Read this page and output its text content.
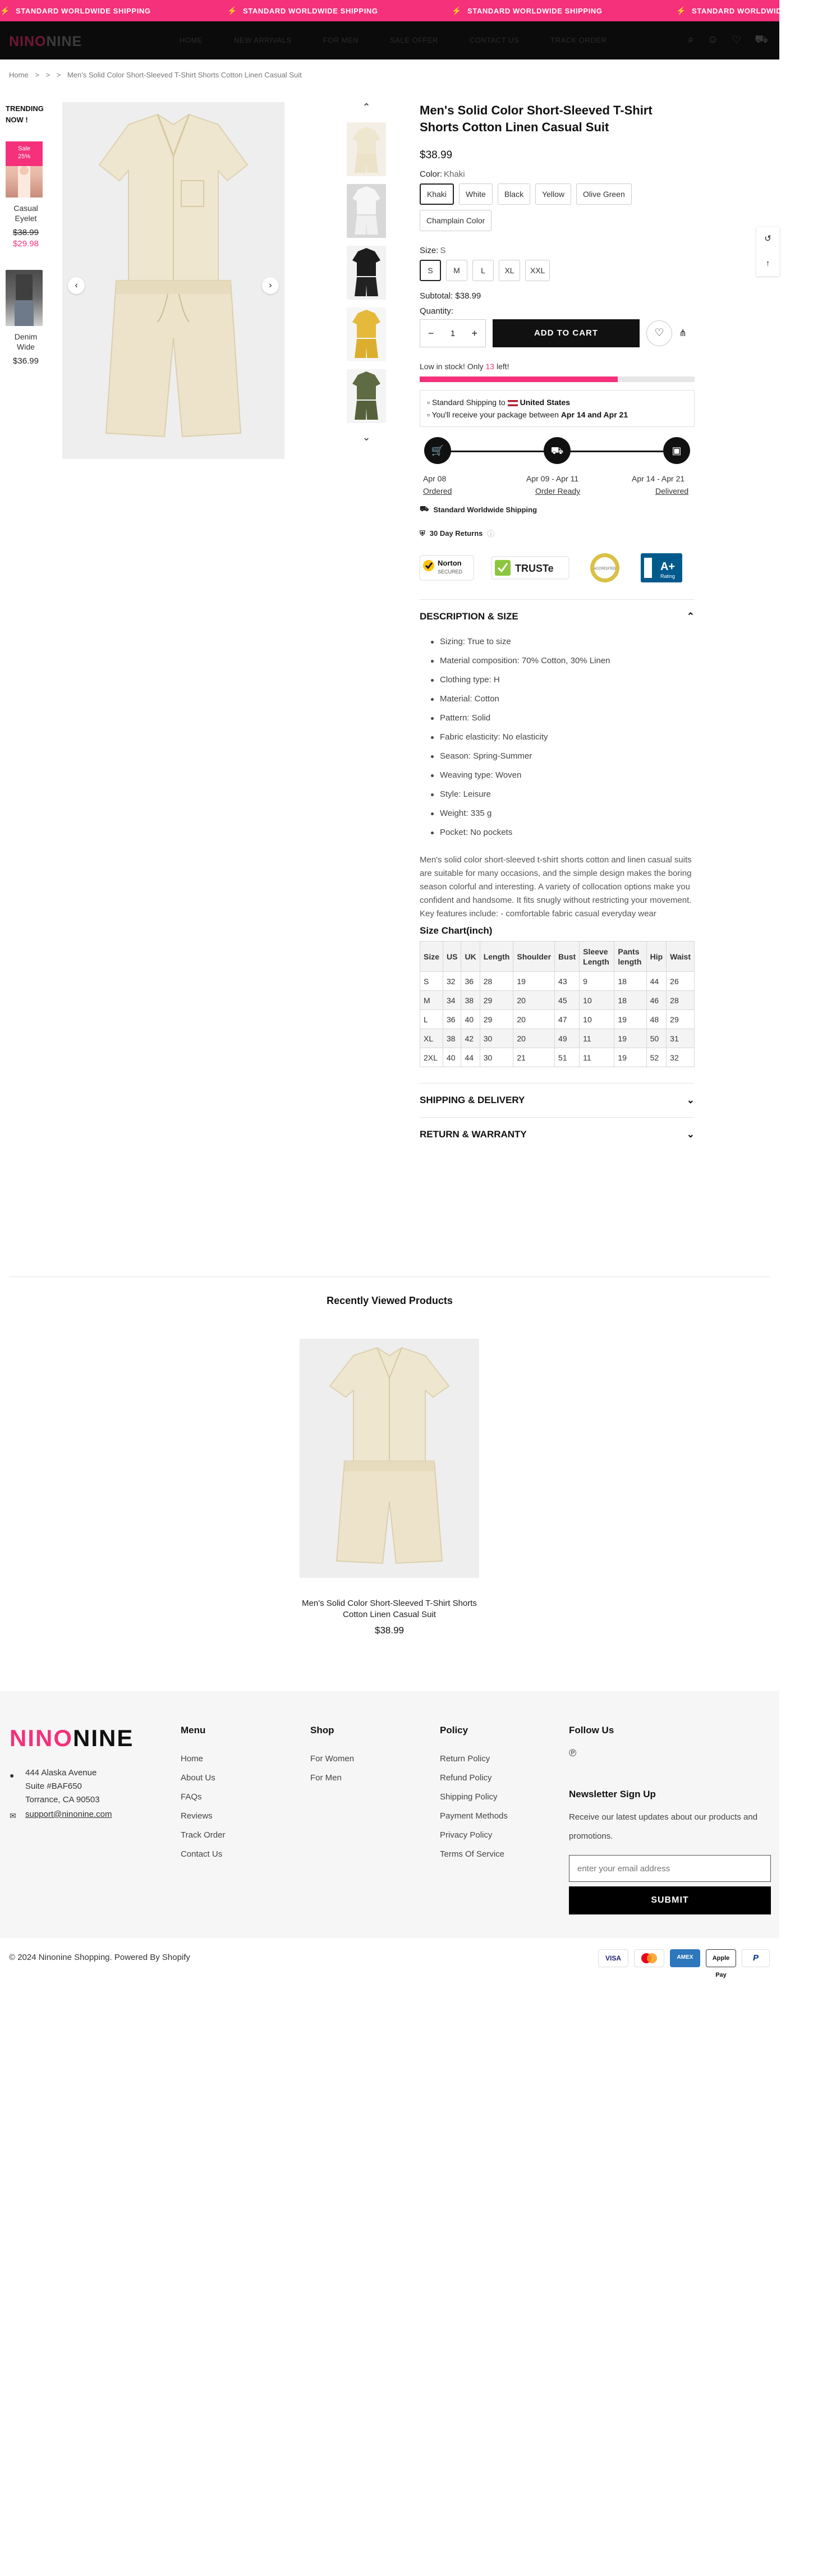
⚡ STANDARD WORLDWIDE SHIPPING	⚡ STANDARD WORLDWIDE SHIPPING	⚡ STANDARD WORLDWIDE SHIPPING	⚡ STANDARD WORLDWIDE SHIPPING
NINONINE	HOME	NEW ARRIVALS	FOR MEN	SALE OFFER	CONTACT US	TRACK ORDER	⌕ ☺ ♡ ⛟
Home > > > Men's Solid Color Short-Sleeved T-Shirt Shorts Cotton Linen Casual Suit
TRENDING NOW !
Sale
25%
Casual Eyelet
$38.99
$29.98
Denim Wide
$36.99
‹	›
⌃
⌄
Men's Solid Color Short-Sleeved T-Shirt Shorts Cotton Linen Casual Suit
$38.99
Color: Khaki
Khaki	White	Black	Yellow	Olive Green
Champlain Color
Size: S
S	M	L	XL	XXL
Subtotal: $38.99
Quantity:
− 1 +	ADD TO CART	♡	⋔
Low in stock! Only 13 left!
▫ Standard Shipping to United States
▫ You'll receive your package between Apr 14 and Apr 21
🛒	⛟	▣
Apr 08	Apr 09 - Apr 11	Apr 14 - Apr 21
Ordered	Order Ready	Delivered
⛟ Standard Worldwide Shipping
⛨ 30 Day Returns ⓘ
Norton
SECURED	TRUSTe	ACCREDITED	A+
Rating
DESCRIPTION & SIZE	⌃
Sizing: True to size
Material composition: 70% Cotton, 30% Linen
Clothing type: H
Material: Cotton
Pattern: Solid
Fabric elasticity: No elasticity
Season: Spring-Summer
Weaving type: Woven
Style: Leisure
Weight: 335 g
Pocket: No pockets
Men's solid color short-sleeved t-shirt shorts cotton and linen casual suits are suitable for many occasions, and the simple design makes the boring season colorful and interesting. A variety of collocation options make you confident and handsome. It fits snugly without restricting your movement. Key features include: - comfortable fabric casual everyday wear
Size Chart(inch)
Size	US	UK	Length	Shoulder	Bust	Sleeve Length	Pants length	Hip	Waist
S	32	36	28	19	43	9	18	44	26
M	34	38	29	20	45	10	18	46	28
L	36	40	29	20	47	10	19	48	29
XL	38	42	30	20	49	11	19	50	31
2XL	40	44	30	21	51	11	19	52	32
SHIPPING & DELIVERY	⌄
RETURN & WARRANTY	⌄
Recently Viewed Products
Men's Solid Color Short-Sleeved T-Shirt Shorts Cotton Linen Casual Suit
$38.99
NINONINE
● 444 Alaska Avenue
Suite #BAF650
Torrance, CA 90503
✉ support@ninonine.com
Menu
Home
About Us
FAQs
Reviews
Track Order
Contact Us
Shop
For Women
For Men
Policy
Return Policy
Refund Policy
Shipping Policy
Payment Methods
Privacy Policy
Terms Of Service
Follow Us
℗
Newsletter Sign Up
Receive our latest updates about our products and promotions.
enter your email address SUBMIT
© 2024 Ninonine Shopping. Powered By Shopify	VISA	AMEX	Apple Pay
P
↺
↑
